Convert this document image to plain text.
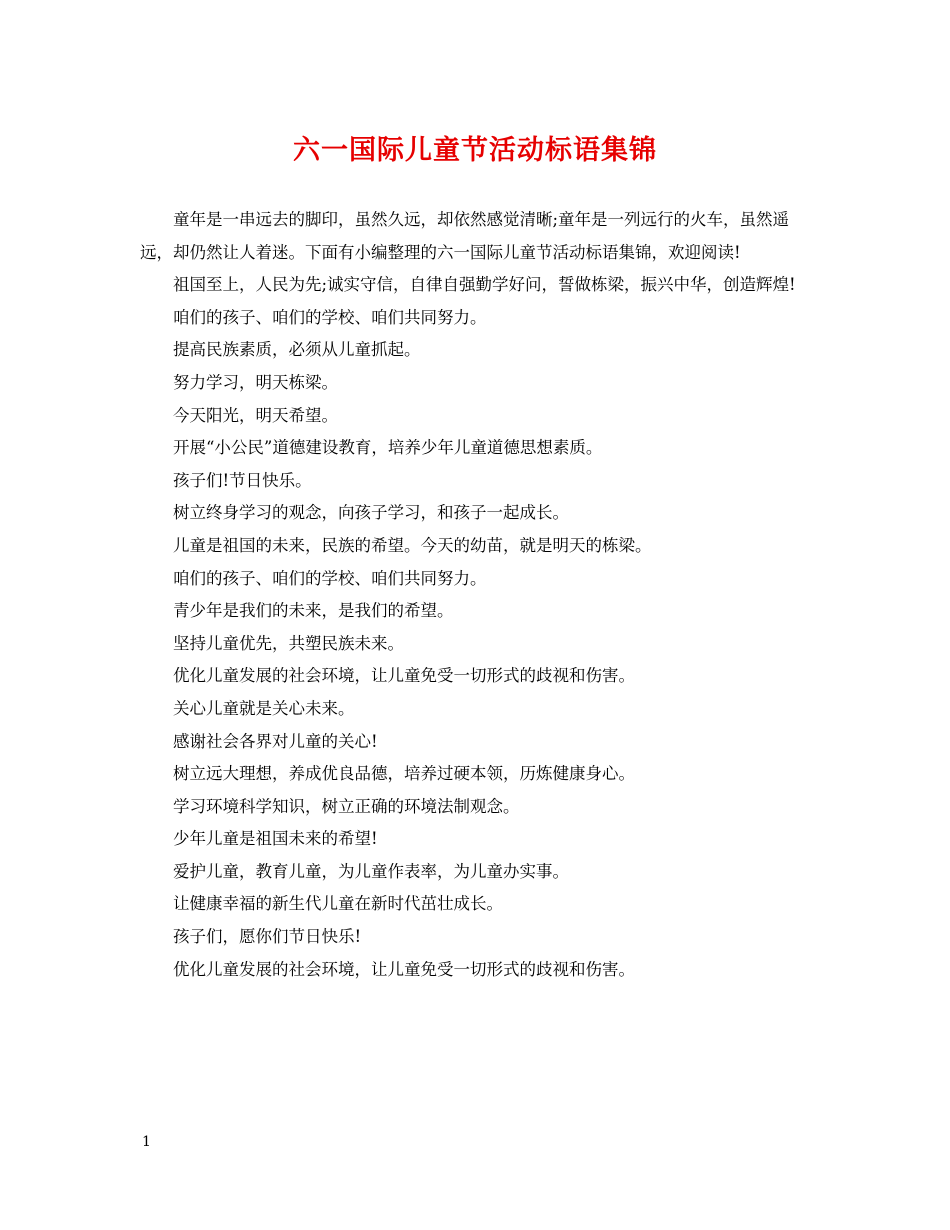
六一国际儿童节活动标语集锦

童年是一串远去的脚印，虽然久远，却依然感觉清晰;童年是一列远行的火车，虽然遥远，却仍然让人着迷。下面有小编整理的六一国际儿童节活动标语集锦，欢迎阅读!

祖国至上，人民为先;诚实守信，自律自强勤学好问，誓做栋梁，振兴中华，创造辉煌!

咱们的孩子、咱们的学校、咱们共同努力。

提高民族素质，必须从儿童抓起。

努力学习，明天栋梁。

今天阳光，明天希望。

开展“小公民”道德建设教育，培养少年儿童道德思想素质。

孩子们!节日快乐。

树立终身学习的观念，向孩子学习，和孩子一起成长。

儿童是祖国的未来，民族的希望。今天的幼苗，就是明天的栋梁。

咱们的孩子、咱们的学校、咱们共同努力。

青少年是我们的未来，是我们的希望。

坚持儿童优先，共塑民族未来。

优化儿童发展的社会环境，让儿童免受一切形式的歧视和伤害。

关心儿童就是关心未来。

感谢社会各界对儿童的关心!

树立远大理想，养成优良品德，培养过硬本领，历炼健康身心。

学习环境科学知识，树立正确的环境法制观念。

少年儿童是祖国未来的希望!

爱护儿童，教育儿童，为儿童作表率，为儿童办实事。

让健康幸福的新生代儿童在新时代茁壮成长。

孩子们，愿你们节日快乐!

优化儿童发展的社会环境，让儿童免受一切形式的歧视和伤害。

1
